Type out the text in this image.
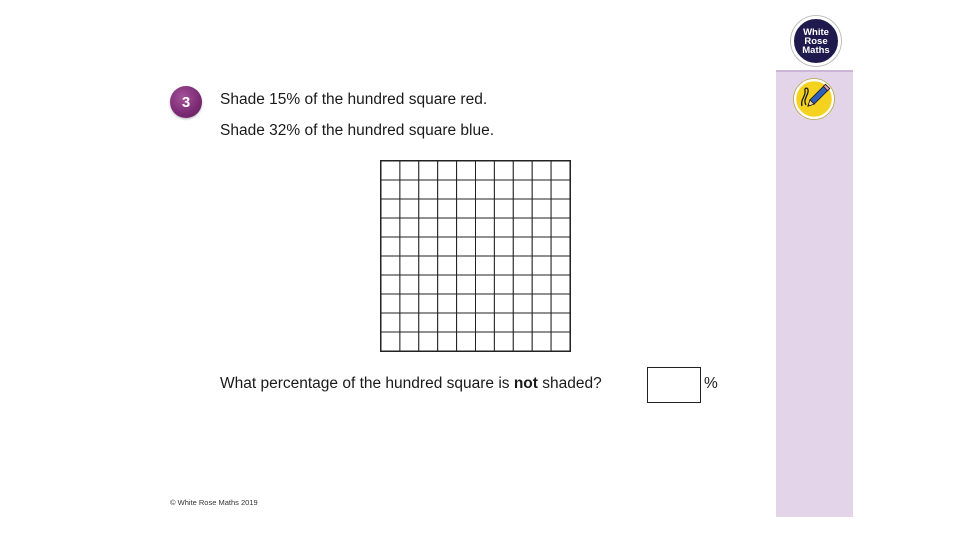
White
Rose
Maths
3	Shade 15% of the hundred square red.
Shade 32% of the hundred square blue.
What percentage of the hundred square is not shaded?	%
© White Rose Maths 2019
